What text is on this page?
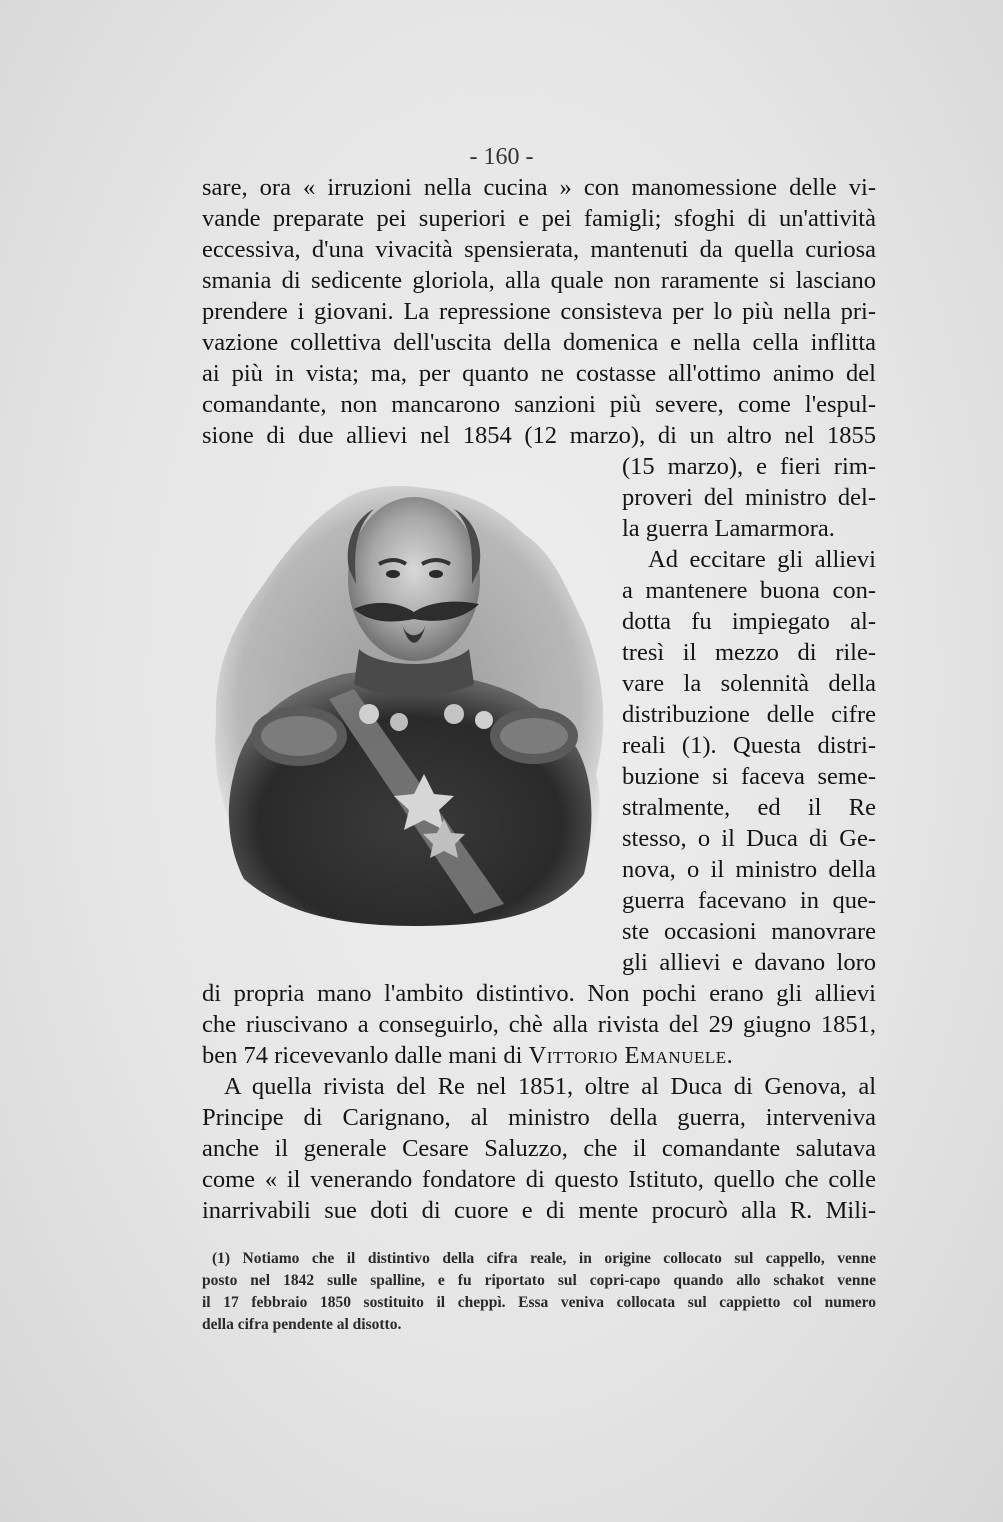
- 160 -
sare, ora « irruzioni nella cucina » con manomessione delle vi-
vande preparate pei superiori e pei famigli; sfoghi di un'attività
eccessiva, d'una vivacità spensierata, mantenuti da quella curiosa
smania di sedicente gloriola, alla quale non raramente si lasciano
prendere i giovani. La repressione consisteva per lo più nella pri-
vazione collettiva dell'uscita della domenica e nella cella inflitta
ai più in vista; ma, per quanto ne costasse all'ottimo animo del
comandante, non mancarono sanzioni più severe, come l'espul-
sione di due allievi nel 1854 (12 marzo), di un altro nel 1855
(15 marzo), e fieri rim-
proveri del ministro del-
la guerra Lamarmora.
Ad eccitare gli allievi
a mantenere buona con-
dotta fu impiegato al-
tresì il mezzo di rile-
vare la solennità della
distribuzione delle cifre
reali (1). Questa distri-
buzione si faceva seme-
stralmente, ed il Re
stesso, o il Duca di Ge-
nova, o il ministro della
guerra facevano in que-
ste occasioni manovrare
gli allievi e davano loro
di propria mano l'ambito distintivo. Non pochi erano gli allievi
che riuscivano a conseguirlo, chè alla rivista del 29 giugno 1851,
ben 74 ricevevanlo dalle mani di Vittorio Emanuele.
A quella rivista del Re nel 1851, oltre al Duca di Genova, al
Principe di Carignano, al ministro della guerra, interveniva
anche il generale Cesare Saluzzo, che il comandante salutava
come « il venerando fondatore di questo Istituto, quello che colle
inarrivabili sue doti di cuore e di mente procurò alla R. Mili-
(1) Notiamo che il distintivo della cifra reale, in origine collocato sul cappello, venne
posto nel 1842 sulle spalline, e fu riportato sul copri-capo quando allo schakot venne
il 17 febbraio 1850 sostituito il cheppì. Essa veniva collocata sul cappietto col numero
della cifra pendente al disotto.
